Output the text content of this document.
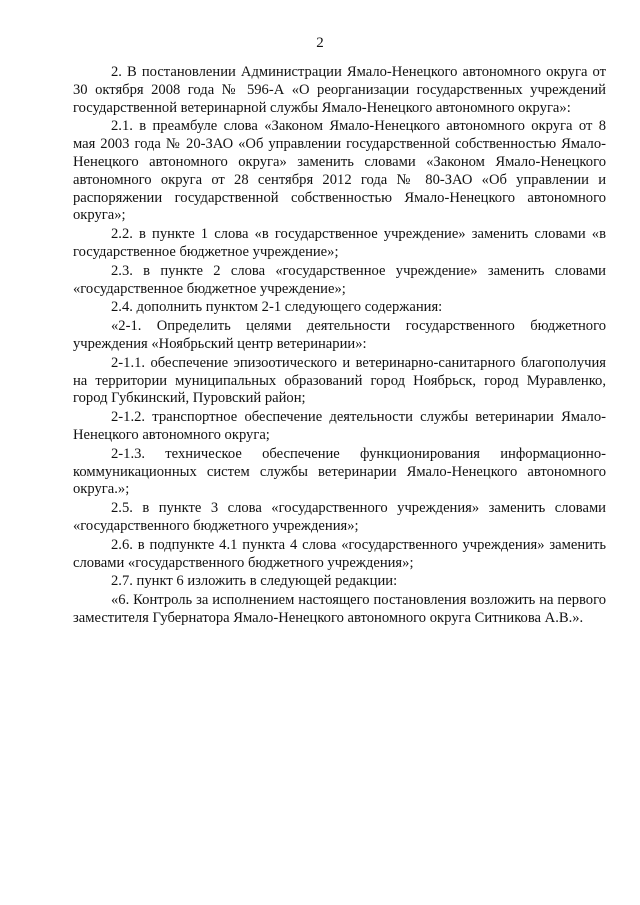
2

2. В постановлении Администрации Ямало-Ненецкого автономного округа от 30 октября 2008 года № 596-А «О реорганизации государственных учреждений государственной ветеринарной службы Ямало-Ненецкого автономного округа»:

2.1. в преамбуле слова «Законом Ямало-Ненецкого автономного округа от 8 мая 2003 года № 20-ЗАО «Об управлении государственной собственностью Ямало-Ненецкого автономного округа» заменить словами «Законом Ямало-Ненецкого автономного округа от 28 сентября 2012 года № 80-ЗАО «Об управлении и распоряжении государственной собственностью Ямало-Ненецкого автономного округа»;

2.2. в пункте 1 слова «в государственное учреждение» заменить словами «в государственное бюджетное учреждение»;

2.3. в пункте 2 слова «государственное учреждение» заменить словами «государственное бюджетное учреждение»;

2.4. дополнить пунктом 2-1 следующего содержания:

«2-1. Определить целями деятельности государственного бюджетного учреждения «Ноябрьский центр ветеринарии»:

2-1.1. обеспечение эпизоотического и ветеринарно-санитарного благополучия на территории муниципальных образований город Ноябрьск, город Муравленко, город Губкинский, Пуровский район;

2-1.2. транспортное обеспечение деятельности службы ветеринарии Ямало-Ненецкого автономного округа;

2-1.3. техническое обеспечение функционирования информационно-коммуникационных систем службы ветеринарии Ямало-Ненецкого автономного округа.»;

2.5. в пункте 3 слова «государственного учреждения» заменить словами «государственного бюджетного учреждения»;

2.6. в подпункте 4.1 пункта 4 слова «государственного учреждения» заменить словами «государственного бюджетного учреждения»;

2.7. пункт 6 изложить в следующей редакции:

«6. Контроль за исполнением настоящего постановления возложить на первого заместителя Губернатора Ямало-Ненецкого автономного округа Ситникова А.В.».
